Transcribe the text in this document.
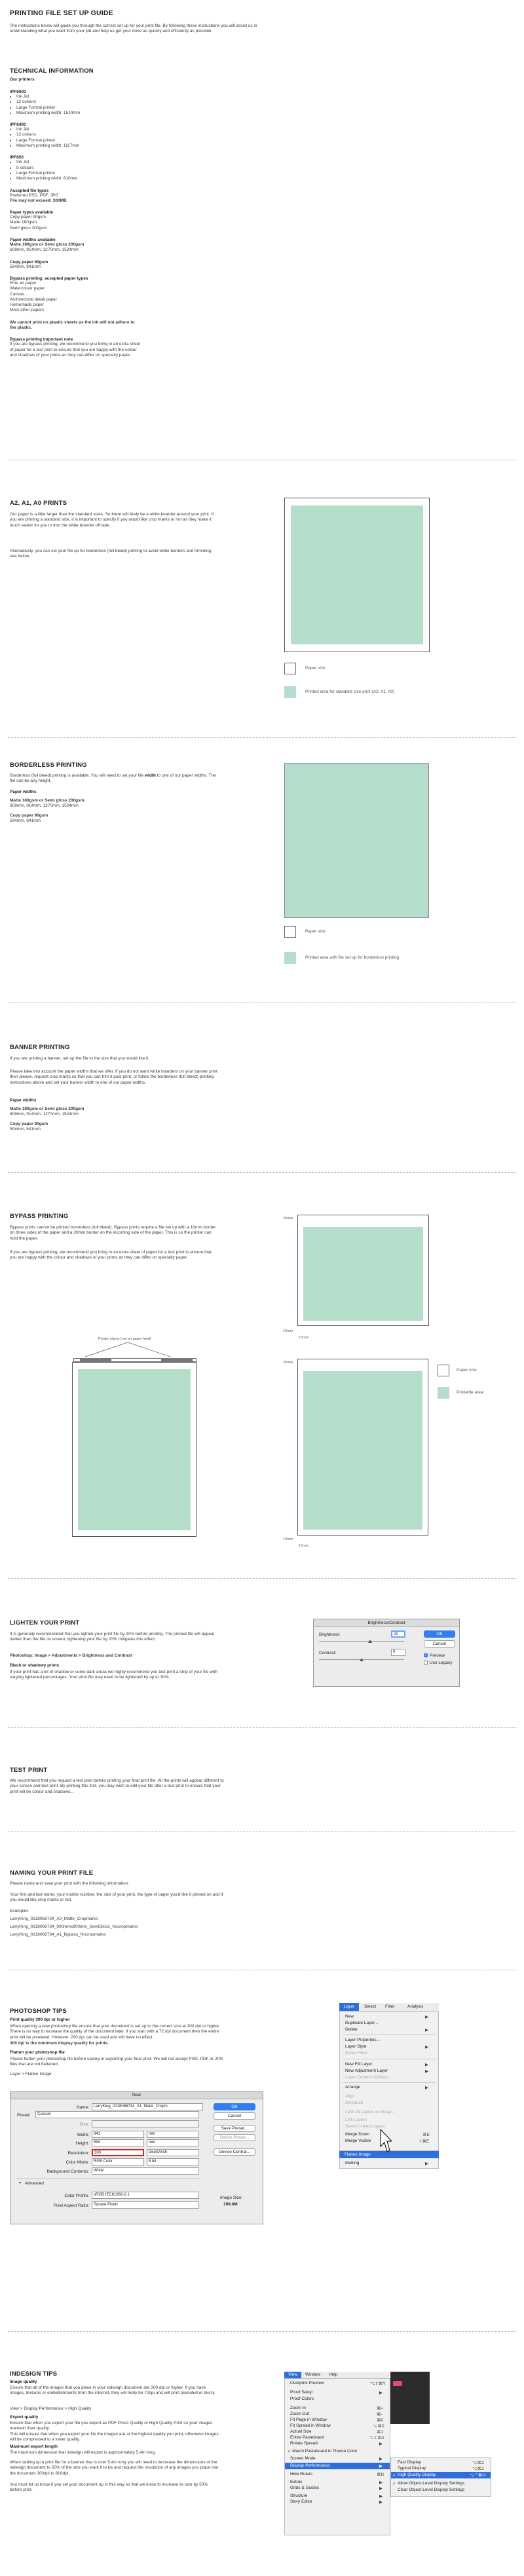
PRINTING FILE SET UP GUIDE

The instructions below will guide you through the correct set up for your print file. By following these instructions you will assist us in understanding what you want from your job and help us get your done as quickly and efficiently as possible.

TECHNICAL INFORMATION
Our printers
iPF8000
• Ink Jet
• 12 colours
• Large Format printer
• Maximum printing width: 1524mm
iPF8400
• Ink Jet
• 12 colours
• Large Format printer
• Maximum printing width: 1117mm
iPF850
• Ink Jet
• 5 colours
• Large Format printer
• Maximum printing width: 610mm
Accepted file types
Preferred PSD, PDF, JPG
File may not exceed: 300MB
Paper types available
Copy paper 90gsm
Matte 180gsm
Semi gloss 200gsm
Paper widths available
Matte 180gsm or Semi gloss 200gsm
609mm, 914mm, 1270mm, 1524mm
Copy paper 90gsm
594mm, 841mm
Bypass printing: accepted paper types
Fine art paper
Watercolour paper
Canvas
Architectural detail paper
Homemade paper
Most other papers
We cannot print on plastic sheets as the ink will not adhere to the plastic.
Bypass printing important note
If you are bypass printing, we recommend you bring in an extra sheet of paper for a test print to ensure that you are happy with the colour and shadows of your prints as they can differ on specialty paper.
A2, A1, A0 PRINTS

Our paper is a little larger than the standard sizes. So there will likely be a white boarder around your print. If you are printing a standard size, it is important to specify if you would like crop marks or not as they make it much easier for you to trim the white boarder off later.

Alternatively, you can set your file up for borderless (full bleed) printing to avoid white borders and trimming, see below.

Paper size
Printed area for standard size print (A2, A1, A0)
BORDERLESS PRINTING

Borderless (full bleed) printing is available. You will need to set your file width to one of our paper widths. The file can be any height.

Paper widths
Matte 180gsm or Semi gloss 200gsm
609mm, 914mm, 1270mm, 1524mm
Copy paper 90gsm
594mm, 841mm
Paper size
Printed area with file set up for borderless printing
BANNER PRINTING

If you are printing a banner, set up the file to the size that you would like it.

Please take into account the paper widths that we offer. If you do not want white boarders on your banner print then please, request crop marks so that you can trim it post print, or follow the borderless (full bleed) printing instructions above and set your banner width to one of our paper widths.

Paper widths
Matte 180gsm or Semi gloss 200gsm
609mm, 914mm, 1270mm, 1524mm
Copy paper 90gsm
594mm, 841mm
BYPASS PRINTING

Bypass prints cannot be printed borderless (full bleed). Bypass prints require a file set up with a 10mm border on three sides of the paper and a 20mm border on the incoming side of the paper. This is so the printer can hold the paper.

If you are bypass printing, we recommend you bring in an extra sheet of paper for a test print to ensure that you are happy with the colour and shadows of your prints as they can differ on specialty paper.

Printer clamp (not on paper feed)
20mm
10mm
10mm
20mm
10mm
10mm
Paper size
Printable area
LIGHTEN YOUR PRINT

It is generally recommended that you lighten your print file by 20% before printing. The printed file will appear darker than the file on screen, lightening your file by 20% mitigates this effect.

Photoshop: Image > Adjustments > Brightness and Contrast
Black or shadowy prints

If your print has a lot of shadow or some dark areas we highly recommend you test print a strip of your file with varying lightened percentages. Your print file may need to be lightened by up to 30%.

Brightness/Contrast
Brightness:	20
Contrast:	0
OK
Cancel
✓ Preview
Use Legacy
TEST PRINT

We recommend that you request a test print before printing your final print file. All the prints will appear different to your screen and test print. By printing this first, you may wish to edit your file after a test print to ensure that your print will be colour and shadows...

NAMING YOUR PRINT FILE

Please name and save your print with the following information:

Your first and last name, your mobile number, the size of your print, the type of paper you'd like it printed on and if you would like crop marks or not.

Examples
LarryKing_0218066734_A0_Matte_Cropmarks
LarryKing_0218066734_900mmx900mm_SemiGloss_Nocropmarks
LarryKing_0218066734_A1_Bypass_Nocropmarks
PHOTOSHOP TIPS
Print quality 300 dpi or higher

When opening a new photoshop file ensure that your document is set up to the correct size at 300 dpi or higher. There is no way to increase the quality of the document later. If you start with a 72 dpi document then the entire print will be pixelated. However, 200 dpi can be used and will have no effect.

300 dpi is the minimum display quality for prints.
Flatten your photoshop file

Please flatten your photoshop file before saving or exporting your final print. We will not accept PSD, PDF or JPG files that are not flattened.

Layer > Flatten Image
New
Name:	LarryKing_0218066734_A1_Matte_Cropm
Preset:	Custom
Size:
Width:	841	mm
Height:	594	mm
Resolution:	300	pixels/inch
Color Mode:	RGB Color	8 bit
Background Contents:	White
▼ Advanced
Color Profile:	sRGB IEC61966-2.1
Pixel Aspect Ratio:	Square Pixels
OK
Cancel
Save Preset...
Delete Preset...
Device Central...
Image Size:
199.4M
Layer	Select Filter	Analysis
New	▶
Duplicate Layer...
Delete	▶
Layer Properties...
Layer Style	▶
Smart Filter
New Fill Layer	▶
New Adjustment Layer	▶
Layer Content Options...
Arrange	▶
Align
Distribute
Lock All Layers in Group...
Link Layers
Select Linked Layers
Merge Down	⌘E
Merge Visible	⇧⌘E
Flatten Image
Matting	▶
INDESIGN TIPS
Image quality

Ensure that all of the images that you place in your indesign document are 300 dpi or higher. If you have images, textures or embellishments from the internet, they will likely be 72dpi and will print pixelated or blurry.

View > Display Performance > High Quality
Export quality

Ensure that when you export your file you export as PDF Press Quality or High Quality Print so your images maintain their quality.

This will ensure that when you export your file the images are at the highest quality you print, otherwise images will be compressed to a lower quality.

Maximum export length

The maximum dimension that indesign will export is approximately 5.4m long.

When setting up a print file for a banner that is over 5.4m long you will need to decrease the dimensions of the indesign document to 50% of the size you want it to be and request the resolution of any images you place into the document 300dpi to 600dpi.

You must let us know if you set your document up in this way so that we know to increase its size by 50% before print.

View	Window Help
Overprint Preview	⌥⇧⌘Y
Proof Setup	▶
Proof Colors
Zoom In	⌘=
Zoom Out	⌘-
Fit Page in Window	⌘0
Fit Spread in Window	⌥⌘0
Actual Size	⌘1
Entire Pasteboard	⌥⇧⌘0
Rotate Spread	▶
✓ Match Pasteboard to Theme Color
Screen Mode	▶
Display Performance	▶
Hide Rulers	⌘R
Extras	▶
Grids & Guides	▶
Structure	▶
Story Editor	▶
Fast Display	⌥⌘Z
Typical Display	⌥⌘Z
✓ High Quality Display	⌥⌃⌘H
✓ Allow Object-Level Display Settings
Clear Object-Level Display Settings
